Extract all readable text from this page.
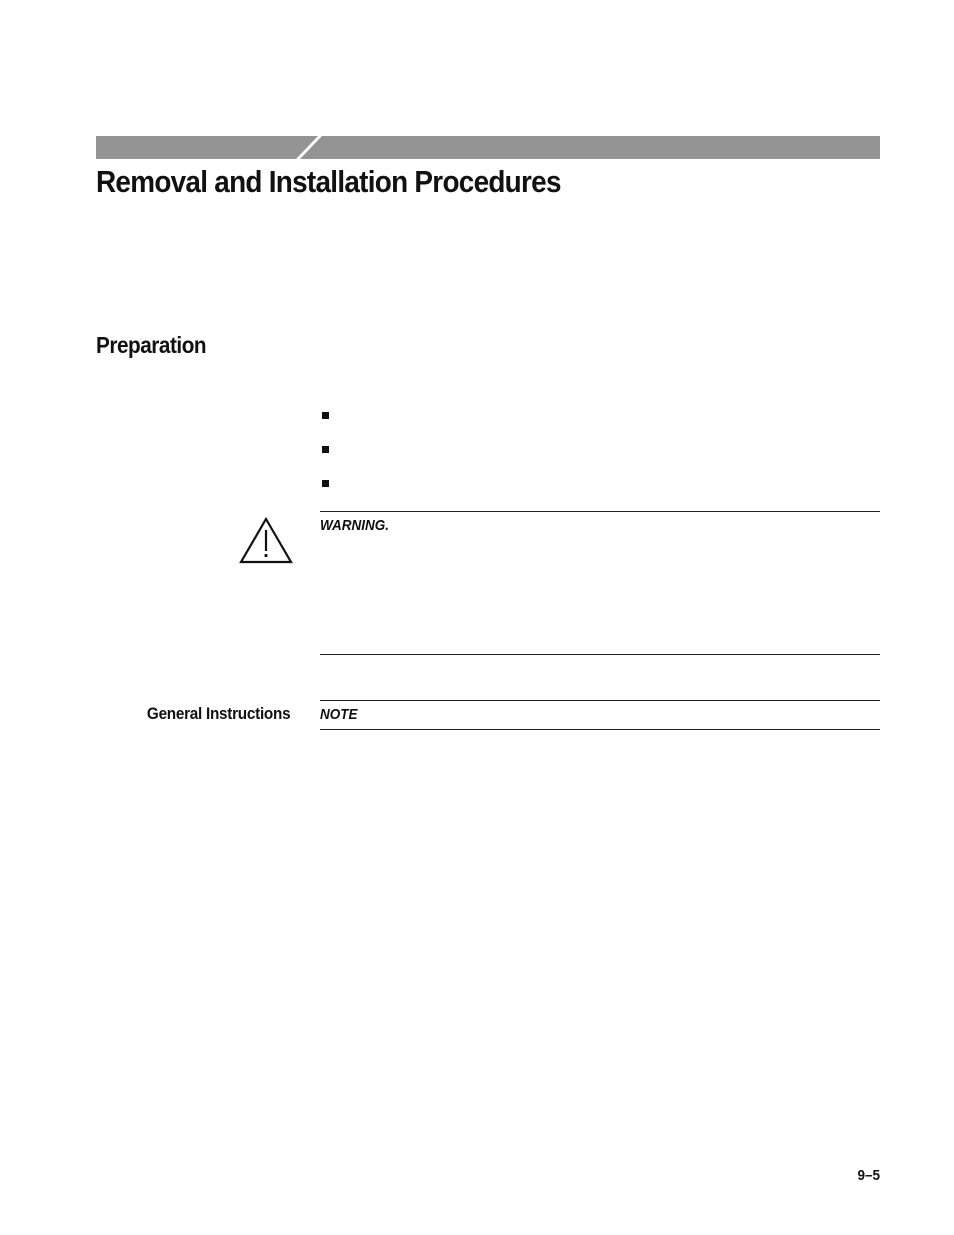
Removal and Installation Procedures
Preparation
WARNING.
General Instructions NOTE
9–5
